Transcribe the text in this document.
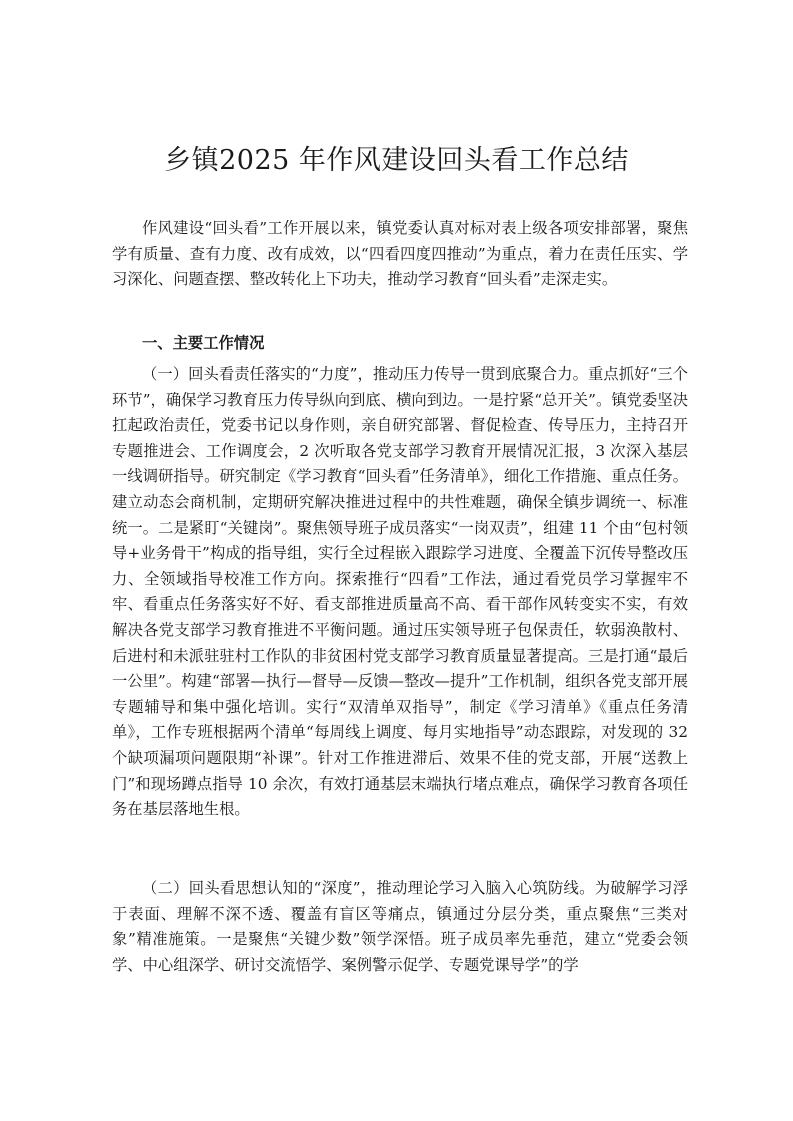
乡镇2025 年作风建设回头看工作总结

作风建设“回头看”工作开展以来，镇党委认真对标对表上级各项安排部署，聚焦学有质量、查有力度、改有成效，以“四看四度四推动”为重点，着力在责任压实、学习深化、问题查摆、整改转化上下功夫，推动学习教育“回头看”走深走实。

一、主要工作情况

（一）回头看责任落实的“力度”，推动压力传导一贯到底聚合力。重点抓好“三个环节”，确保学习教育压力传导纵向到底、横向到边。一是拧紧“总开关”。镇党委坚决扛起政治责任，党委书记以身作则，亲自研究部署、督促检查、传导压力，主持召开专题推进会、工作调度会，2 次听取各党支部学习教育开展情况汇报，3 次深入基层一线调研指导。研究制定《学习教育“回头看”任务清单》，细化工作措施、重点任务。建立动态会商机制，定期研究解决推进过程中的共性难题，确保全镇步调统一、标准统一。二是紧盯“关键岗”。聚焦领导班子成员落实“一岗双责”，组建 11 个由“包村领导+业务骨干”构成的指导组，实行全过程嵌入跟踪学习进度、全覆盖下沉传导整改压力、全领域指导校准工作方向。探索推行“四看”工作法，通过看党员学习掌握牢不牢、看重点任务落实好不好、看支部推进质量高不高、看干部作风转变实不实，有效解决各党支部学习教育推进不平衡问题。通过压实领导班子包保责任，软弱涣散村、后进村和未派驻驻村工作队的非贫困村党支部学习教育质量显著提高。三是打通“最后一公里”。构建“部署—执行—督导—反馈—整改—提升”工作机制，组织各党支部开展专题辅导和集中强化培训。实行“双清单双指导”，制定《学习清单》《重点任务清单》，工作专班根据两个清单“每周线上调度、每月实地指导”动态跟踪，对发现的 32 个缺项漏项问题限期“补课”。针对工作推进滞后、效果不佳的党支部，开展“送教上门”和现场蹲点指导 10 余次，有效打通基层末端执行堵点难点，确保学习教育各项任务在基层落地生根。

（二）回头看思想认知的“深度”，推动理论学习入脑入心筑防线。为破解学习浮于表面、理解不深不透、覆盖有盲区等痛点，镇通过分层分类，重点聚焦“三类对象”精准施策。一是聚焦“关键少数”领学深悟。班子成员率先垂范，建立“党委会领学、中心组深学、研讨交流悟学、案例警示促学、专题党课导学”的学
